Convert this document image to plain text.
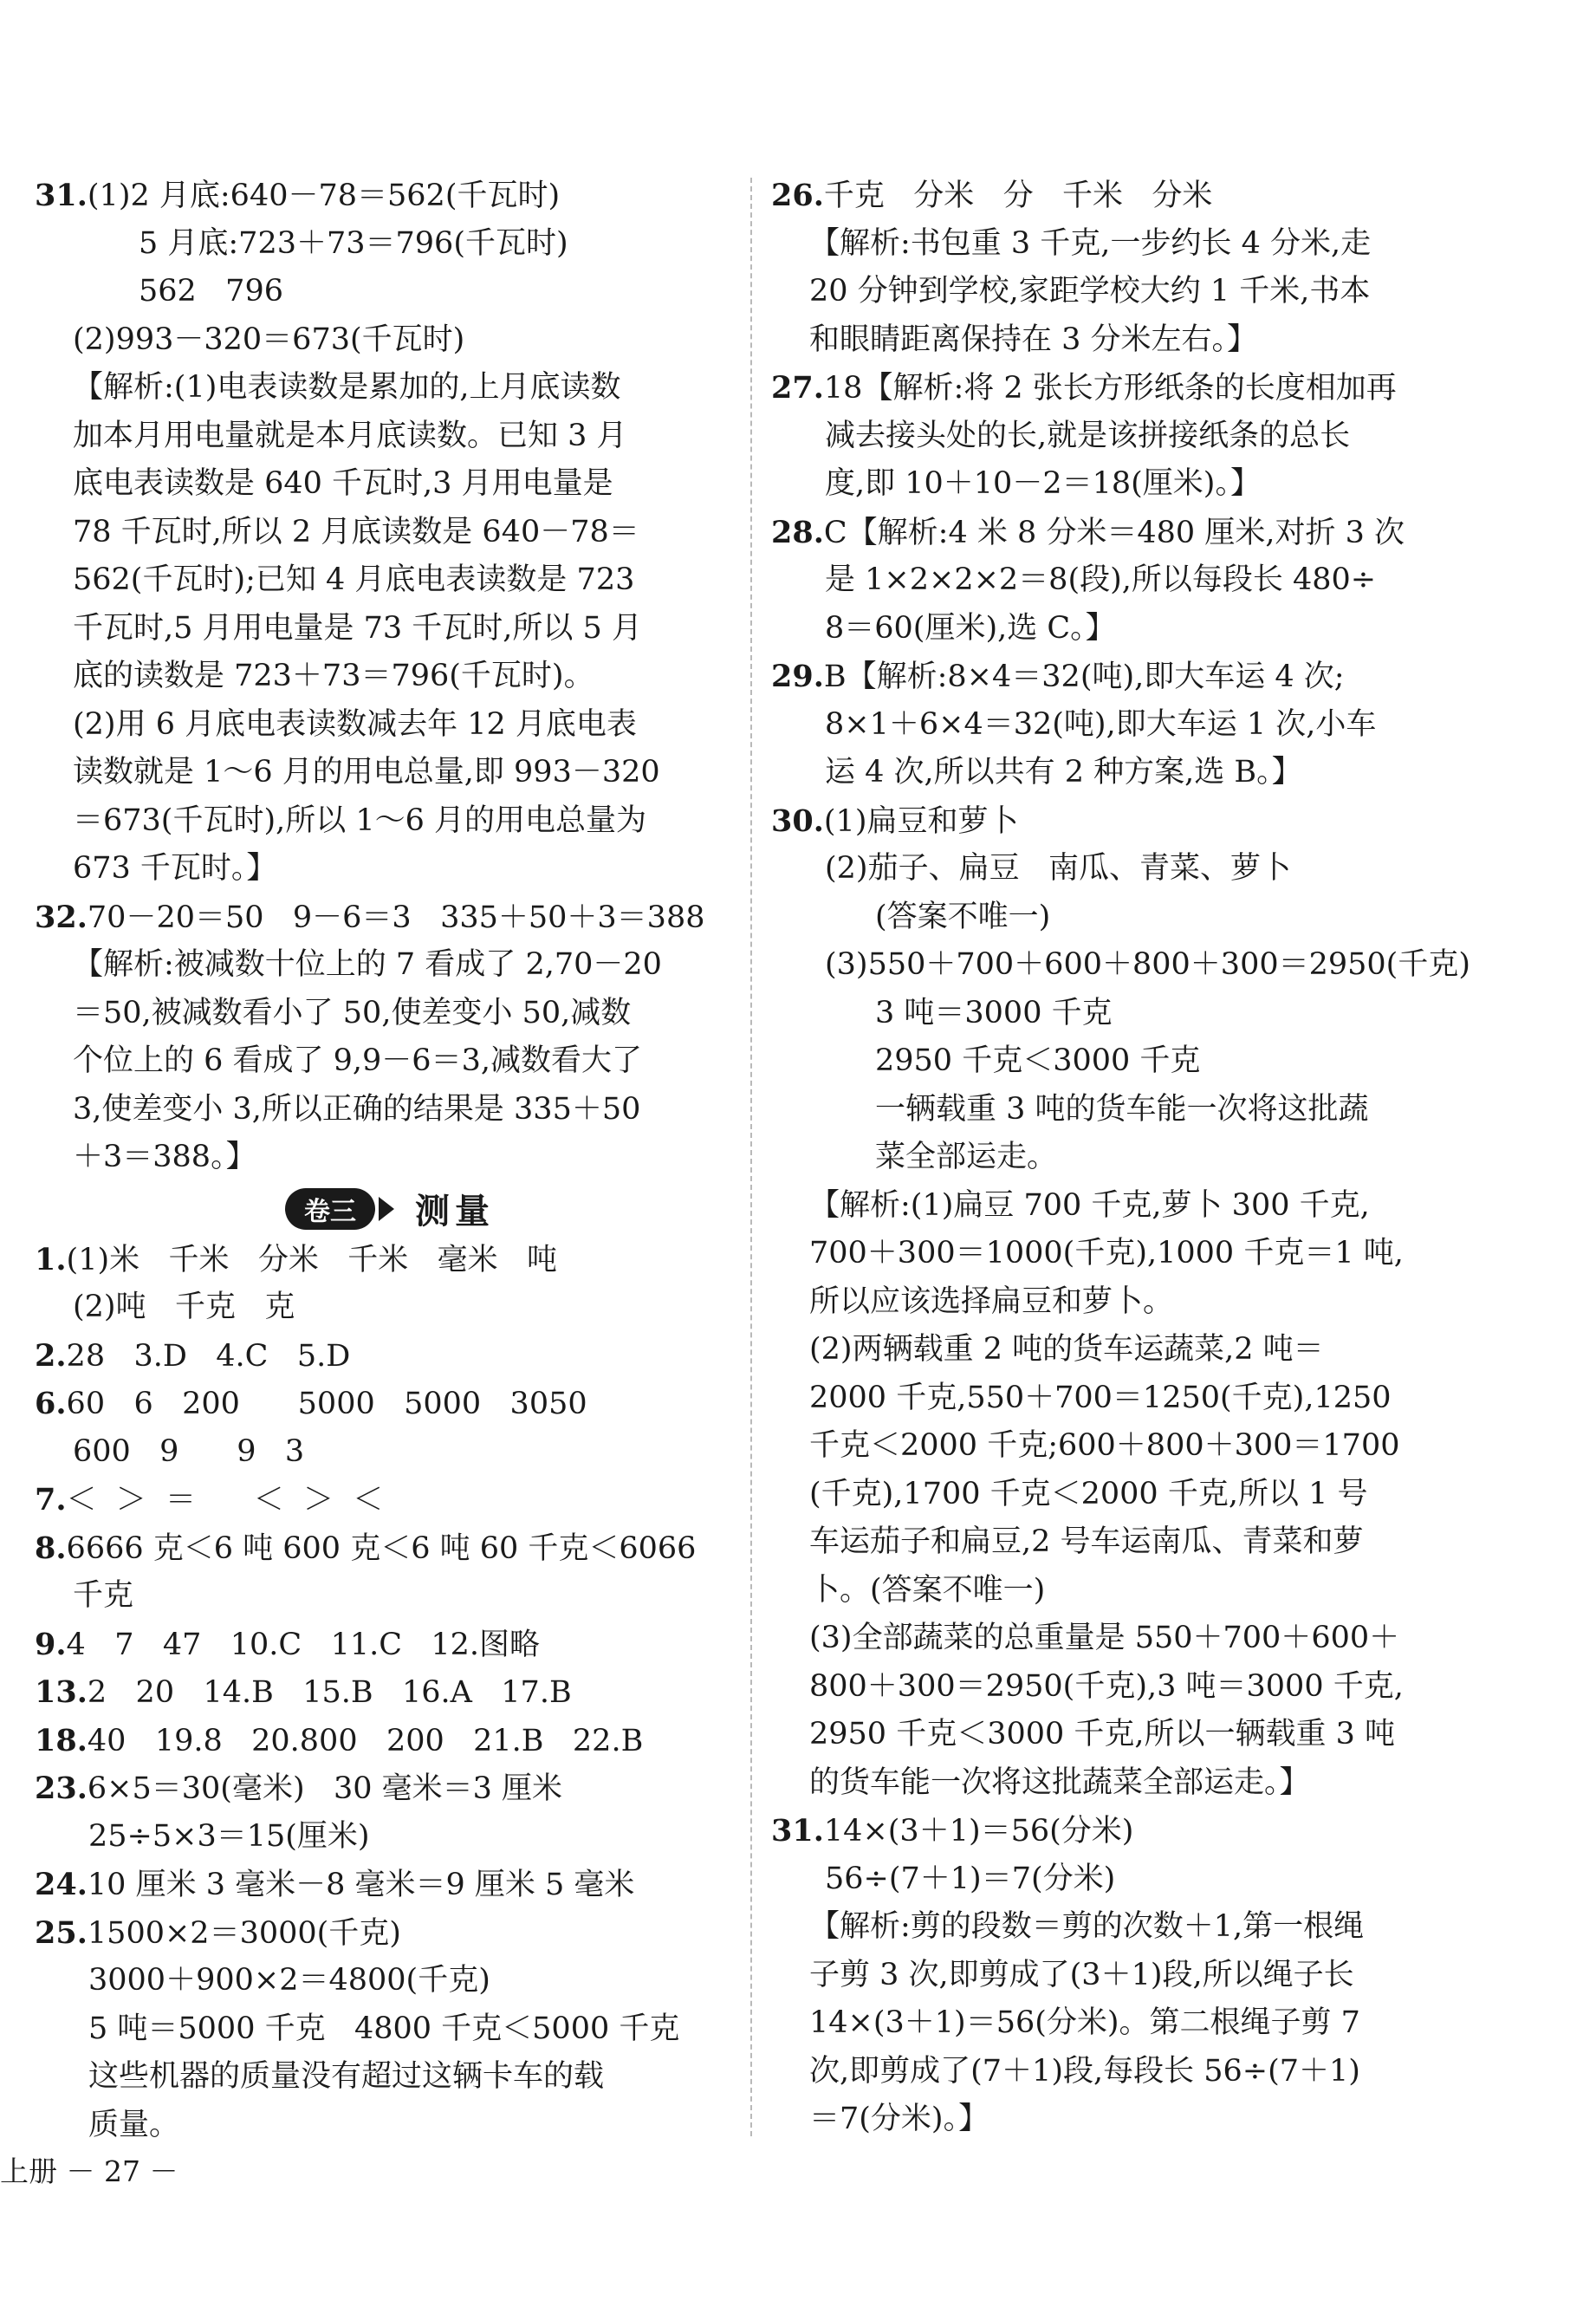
31.(1)2 月底:640－78＝562(千瓦时)
5 月底:723＋73＝796(千瓦时)
562   796
(2)993－320＝673(千瓦时)
【解析:(1)电表读数是累加的,上月底读数
加本月用电量就是本月底读数。已知 3 月
底电表读数是 640 千瓦时,3 月用电量是
78 千瓦时,所以 2 月底读数是 640－78＝
562(千瓦时);已知 4 月底电表读数是 723
千瓦时,5 月用电量是 73 千瓦时,所以 5 月
底的读数是 723＋73＝796(千瓦时)。
(2)用 6 月底电表读数减去年 12 月底电表
读数就是 1～6 月的用电总量,即 993－320
＝673(千瓦时),所以 1～6 月的用电总量为
673 千瓦时。】
32.70－20＝50   9－6＝3   335＋50＋3＝388
【解析:被减数十位上的 7 看成了 2,70－20
＝50,被减数看小了 50,使差变小 50,减数
个位上的 6 看成了 9,9－6＝3,减数看大了
3,使差变小 3,所以正确的结果是 335＋50
＋3＝388。】
卷三	测量
1.(1)米   千米   分米   千米   毫米   吨
(2)吨   千克   克
2.28   3.D   4.C   5.D
6.60   6   200      5000   5000   3050
600   9      9   3
7.＜  ＞  ＝      ＜  ＞  ＜
8.6666 克＜6 吨 600 克＜6 吨 60 千克＜6066
千克
9.4   7   47   10.C   11.C   12.图略
13.2   20   14.B   15.B   16.A   17.B
18.40   19.8   20.800   200   21.B   22.B
23.6×5＝30(毫米)   30 毫米＝3 厘米
25÷5×3＝15(厘米)
24.10 厘米 3 毫米－8 毫米＝9 厘米 5 毫米
25.1500×2＝3000(千克)
3000＋900×2＝4800(千克)
5 吨＝5000 千克   4800 千克＜5000 千克
这些机器的质量没有超过这辆卡车的载
质量。
26.千克   分米   分   千米   分米
【解析:书包重 3 千克,一步约长 4 分米,走
20 分钟到学校,家距学校大约 1 千米,书本
和眼睛距离保持在 3 分米左右。】
27.18【解析:将 2 张长方形纸条的长度相加再
减去接头处的长,就是该拼接纸条的总长
度,即 10＋10－2＝18(厘米)。】
28.C【解析:4 米 8 分米＝480 厘米,对折 3 次
是 1×2×2×2＝8(段),所以每段长 480÷
8＝60(厘米),选 C。】
29.B【解析:8×4＝32(吨),即大车运 4 次;
8×1＋6×4＝32(吨),即大车运 1 次,小车
运 4 次,所以共有 2 种方案,选 B。】
30.(1)扁豆和萝卜
(2)茄子、扁豆   南瓜、青菜、萝卜
(答案不唯一)
(3)550＋700＋600＋800＋300＝2950(千克)
3 吨＝3000 千克
2950 千克＜3000 千克
一辆载重 3 吨的货车能一次将这批蔬
菜全部运走。
【解析:(1)扁豆 700 千克,萝卜 300 千克,
700＋300＝1000(千克),1000 千克＝1 吨,
所以应该选择扁豆和萝卜。
(2)两辆载重 2 吨的货车运蔬菜,2 吨＝
2000 千克,550＋700＝1250(千克),1250
千克＜2000 千克;600＋800＋300＝1700
(千克),1700 千克＜2000 千克,所以 1 号
车运茄子和扁豆,2 号车运南瓜、青菜和萝
卜。(答案不唯一)
(3)全部蔬菜的总重量是 550＋700＋600＋
800＋300＝2950(千克),3 吨＝3000 千克,
2950 千克＜3000 千克,所以一辆载重 3 吨
的货车能一次将这批蔬菜全部运走。】
31.14×(3＋1)＝56(分米)
56÷(7＋1)＝7(分米)
【解析:剪的段数＝剪的次数＋1,第一根绳
子剪 3 次,即剪成了(3＋1)段,所以绳子长
14×(3＋1)＝56(分米)。第二根绳子剪 7
次,即剪成了(7＋1)段,每段长 56÷(7＋1)
＝7(分米)。】
上册 － 27 －
